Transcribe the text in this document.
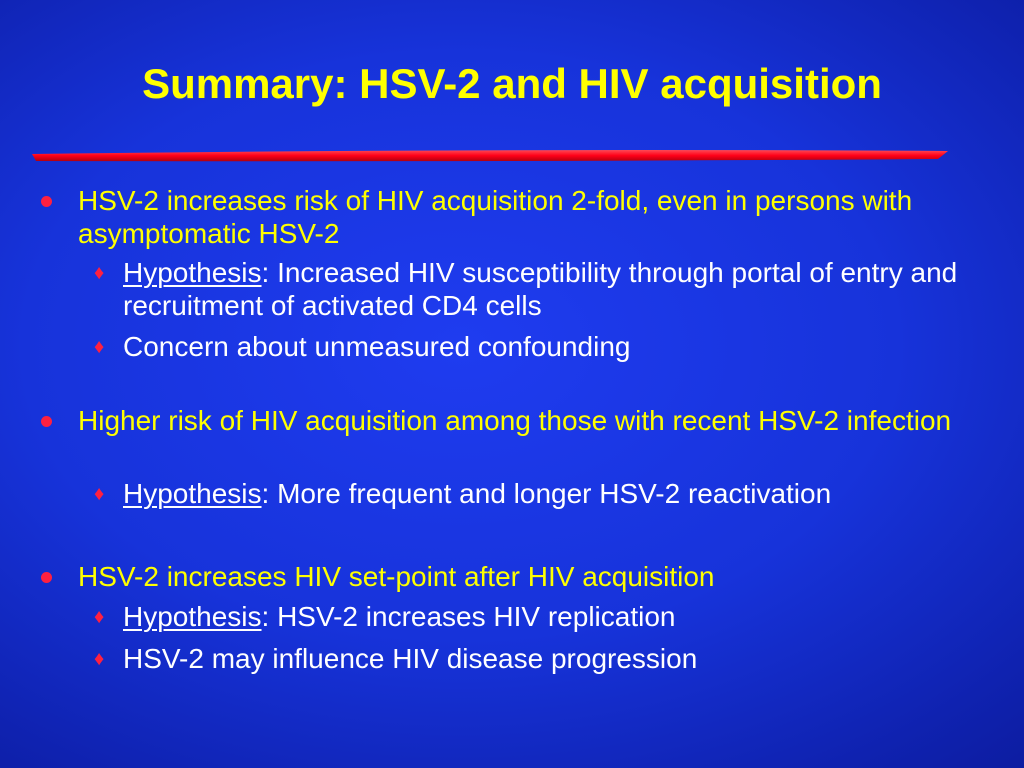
Summary: HSV-2 and HIV acquisition
HSV-2 increases risk of HIV acquisition 2-fold, even in persons with asymptomatic HSV-2
♦ Hypothesis: Increased HIV susceptibility through portal of entry and recruitment of activated CD4 cells
♦ Concern about unmeasured confounding
Higher risk of HIV acquisition among those with recent HSV-2 infection
♦ Hypothesis: More frequent and longer HSV-2 reactivation
HSV-2 increases HIV set-point after HIV acquisition
♦ Hypothesis: HSV-2 increases HIV replication
♦ HSV-2 may influence HIV disease progression
